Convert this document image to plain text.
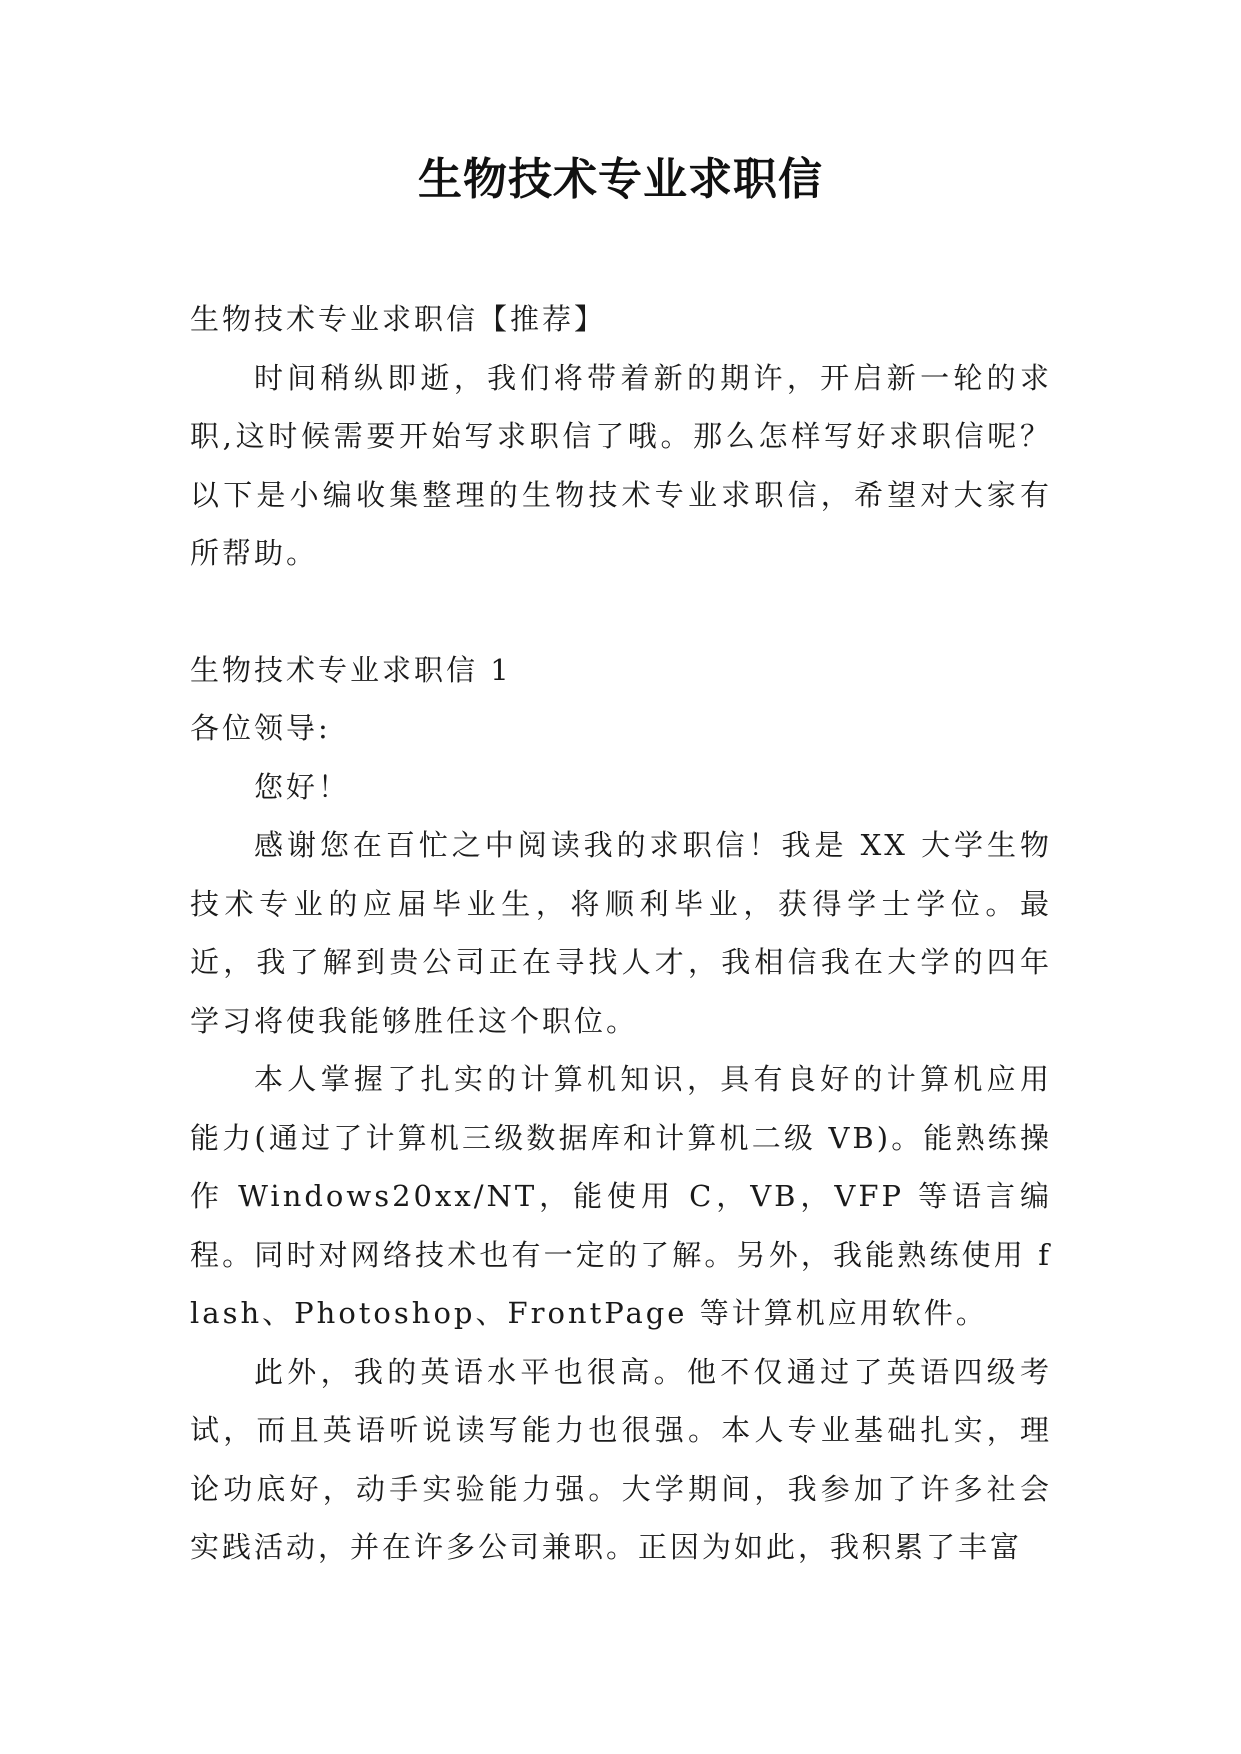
生物技术专业求职信

生物技术专业求职信【推荐】

时间稍纵即逝，我们将带着新的期许，开启新一轮的求职,这时候需要开始写求职信了哦。那么怎样写好求职信呢？以下是小编收集整理的生物技术专业求职信，希望对大家有所帮助。

生物技术专业求职信 1

各位领导:

您好！

感谢您在百忙之中阅读我的求职信！我是 XX 大学生物技术专业的应届毕业生，将顺利毕业，获得学士学位。最近，我了解到贵公司正在寻找人才，我相信我在大学的四年学习将使我能够胜任这个职位。

本人掌握了扎实的计算机知识，具有良好的计算机应用能力(通过了计算机三级数据库和计算机二级 VB)。能熟练操作 Windows20xx/NT，能使用 C，VB，VFP 等语言编程。同时对网络技术也有一定的了解。另外，我能熟练使用 flash、Photoshop、FrontPage 等计算机应用软件。

此外，我的英语水平也很高。他不仅通过了英语四级考试，而且英语听说读写能力也很强。本人专业基础扎实，理论功底好，动手实验能力强。大学期间，我参加了许多社会实践活动，并在许多公司兼职。正因为如此，我积累了丰富
